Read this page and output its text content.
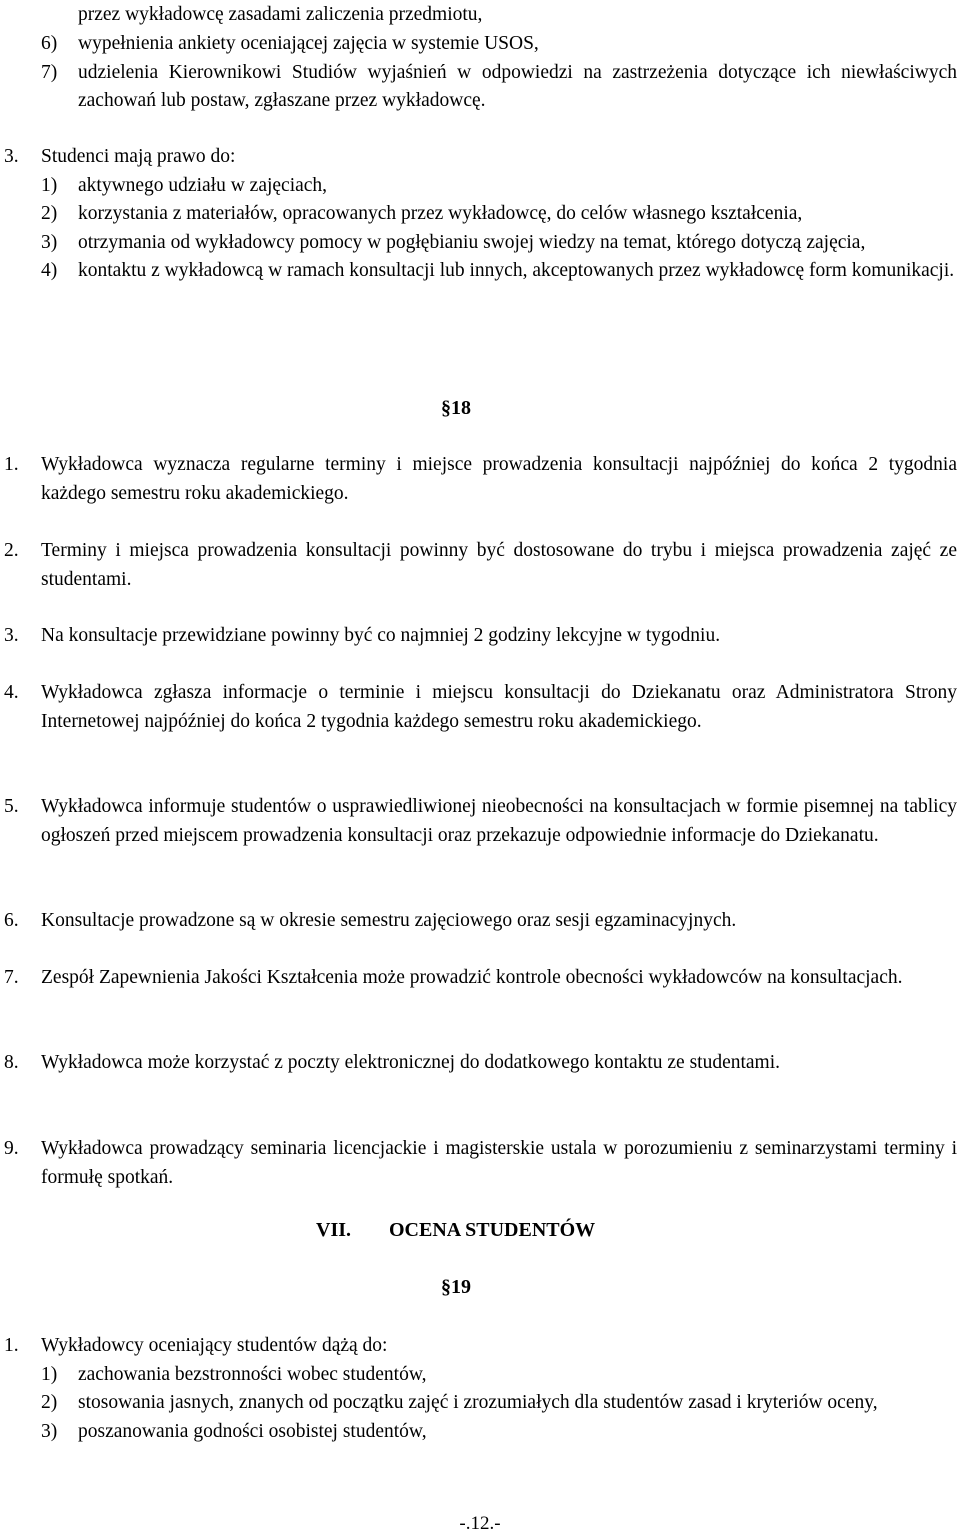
przez wykładowcę zasadami zaliczenia przedmiotu,
6)	wypełnienia ankiety oceniającej zajęcia w systemie USOS,
7)	udzielenia Kierownikowi Studiów wyjaśnień w odpowiedzi na zastrzeżenia dotyczące ich niewłaściwych zachowań lub postaw, zgłaszane przez wykładowcę.
3.	Studenci mają prawo do:
1)	aktywnego udziału w zajęciach,
2)	korzystania z materiałów, opracowanych przez wykładowcę, do celów własnego kształcenia,
3)	otrzymania od wykładowcy pomocy w pogłębianiu swojej wiedzy na temat, którego dotyczą zajęcia,
4)	kontaktu z wykładowcą w ramach konsultacji lub innych, akceptowanych przez wykładowcę form komunikacji.
§18
1.	Wykładowca wyznacza regularne terminy i miejsce prowadzenia konsultacji najpóźniej do końca 2 tygodnia każdego semestru roku akademickiego.
2.	Terminy i miejsca prowadzenia konsultacji powinny być dostosowane do trybu i miejsca prowadzenia zajęć ze studentami.
3.	Na konsultacje przewidziane powinny być co najmniej 2 godziny lekcyjne w tygodniu.
4.	Wykładowca zgłasza informacje o terminie i miejscu konsultacji do Dziekanatu oraz Administratora Strony Internetowej najpóźniej do końca 2 tygodnia każdego semestru roku akademickiego.
5.	Wykładowca informuje studentów o usprawiedliwionej nieobecności na konsultacjach w formie pisemnej na tablicy ogłoszeń przed miejscem prowadzenia konsultacji oraz przekazuje odpowiednie informacje do Dziekanatu.
6.	Konsultacje prowadzone są w okresie semestru zajęciowego oraz sesji egzaminacyjnych.
7.	Zespół Zapewnienia Jakości Kształcenia może prowadzić kontrole obecności wykładowców na konsultacjach.
8.	Wykładowca może korzystać z poczty elektronicznej do dodatkowego kontaktu ze studentami.
9.	Wykładowca prowadzący seminaria licencjackie i magisterskie ustala w porozumieniu z seminarzystami terminy i formułę spotkań.
VII. OCENA STUDENTÓW
§19
1.	Wykładowcy oceniający studentów dążą do:
1)	zachowania bezstronności wobec studentów,
2)	stosowania jasnych, znanych od początku zajęć i zrozumiałych dla studentów zasad i kryteriów oceny,
3)	poszanowania godności osobistej studentów,
-.12.-
